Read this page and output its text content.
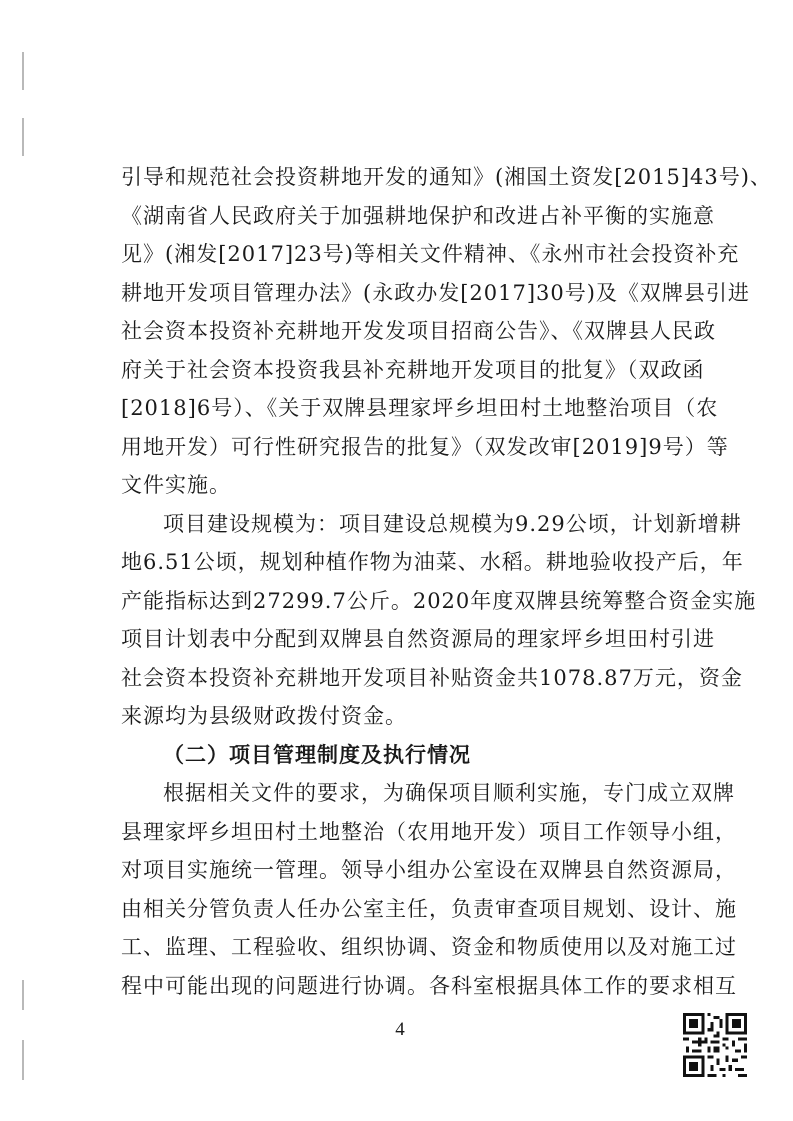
引导和规范社会投资耕地开发的通知》(湘国土资发[2015]43号)、
《湖南省人民政府关于加强耕地保护和改进占补平衡的实施意
见》(湘发[2017]23号)等相关文件精神、《永州市社会投资补充
耕地开发项目管理办法》(永政办发[2017]30号)及《双牌县引进
社会资本投资补充耕地开发发项目招商公告》、《双牌县人民政
府关于社会资本投资我县补充耕地开发项目的批复》（双政函
[2018]6号）、《关于双牌县理家坪乡坦田村土地整治项目（农
用地开发）可行性研究报告的批复》（双发改审[2019]9号）等
文件实施。
项目建设规模为：项目建设总规模为9.29公顷，计划新增耕
地6.51公顷，规划种植作物为油菜、水稻。耕地验收投产后，年
产能指标达到27299.7公斤。2020年度双牌县统筹整合资金实施
项目计划表中分配到双牌县自然资源局的理家坪乡坦田村引进
社会资本投资补充耕地开发项目补贴资金共1078.87万元，资金
来源均为县级财政拨付资金。
（二）项目管理制度及执行情况
根据相关文件的要求，为确保项目顺利实施，专门成立双牌
县理家坪乡坦田村土地整治（农用地开发）项目工作领导小组，
对项目实施统一管理。领导小组办公室设在双牌县自然资源局，
由相关分管负责人任办公室主任，负责审查项目规划、设计、施
工、监理、工程验收、组织协调、资金和物质使用以及对施工过
程中可能出现的问题进行协调。各科室根据具体工作的要求相互
4
